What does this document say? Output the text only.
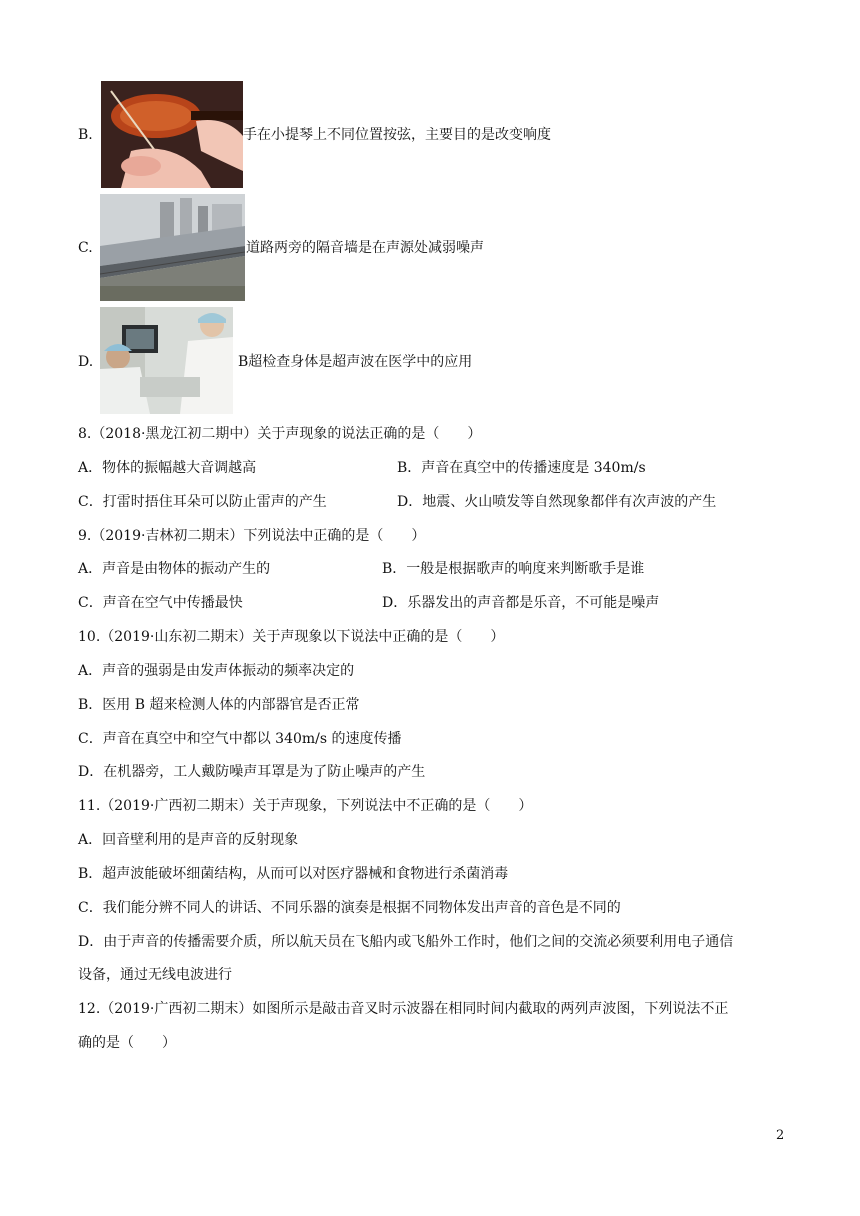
B.	手在小提琴上不同位置按弦，主要目的是改变响度
C.	道路两旁的隔音墙是在声源处减弱噪声
D.	B超检查身体是超声波在医学中的应用
8.（2018·黑龙江初二期中）关于声现象的说法正确的是（　　）
A．物体的振幅越大音调越高	B．声音在真空中的传播速度是 340m/s
C．打雷时捂住耳朵可以防止雷声的产生	D．地震、火山喷发等自然现象都伴有次声波的产生
9.（2019·吉林初二期末）下列说法中正确的是（　　）
A．声音是由物体的振动产生的	B．一般是根据歌声的响度来判断歌手是谁
C．声音在空气中传播最快	D．乐器发出的声音都是乐音，不可能是噪声
10.（2019·山东初二期末）关于声现象以下说法中正确的是（　　）
A．声音的强弱是由发声体振动的频率决定的
B．医用 B 超来检测人体的内部器官是否正常
C．声音在真空中和空气中都以 340m/s 的速度传播
D．在机器旁，工人戴防噪声耳罩是为了防止噪声的产生
11.（2019·广西初二期末）关于声现象，下列说法中不正确的是（　　）
A．回音壁利用的是声音的反射现象
B．超声波能破坏细菌结构，从而可以对医疗器械和食物进行杀菌消毒
C．我们能分辨不同人的讲话、不同乐器的演奏是根据不同物体发出声音的音色是不同的
D．由于声音的传播需要介质，所以航天员在飞船内或飞船外工作时，他们之间的交流必须要利用电子通信
设备，通过无线电波进行
12.（2019·广西初二期末）如图所示是敲击音叉时示波器在相同时间内截取的两列声波图，下列说法不正
确的是（　　）
2
